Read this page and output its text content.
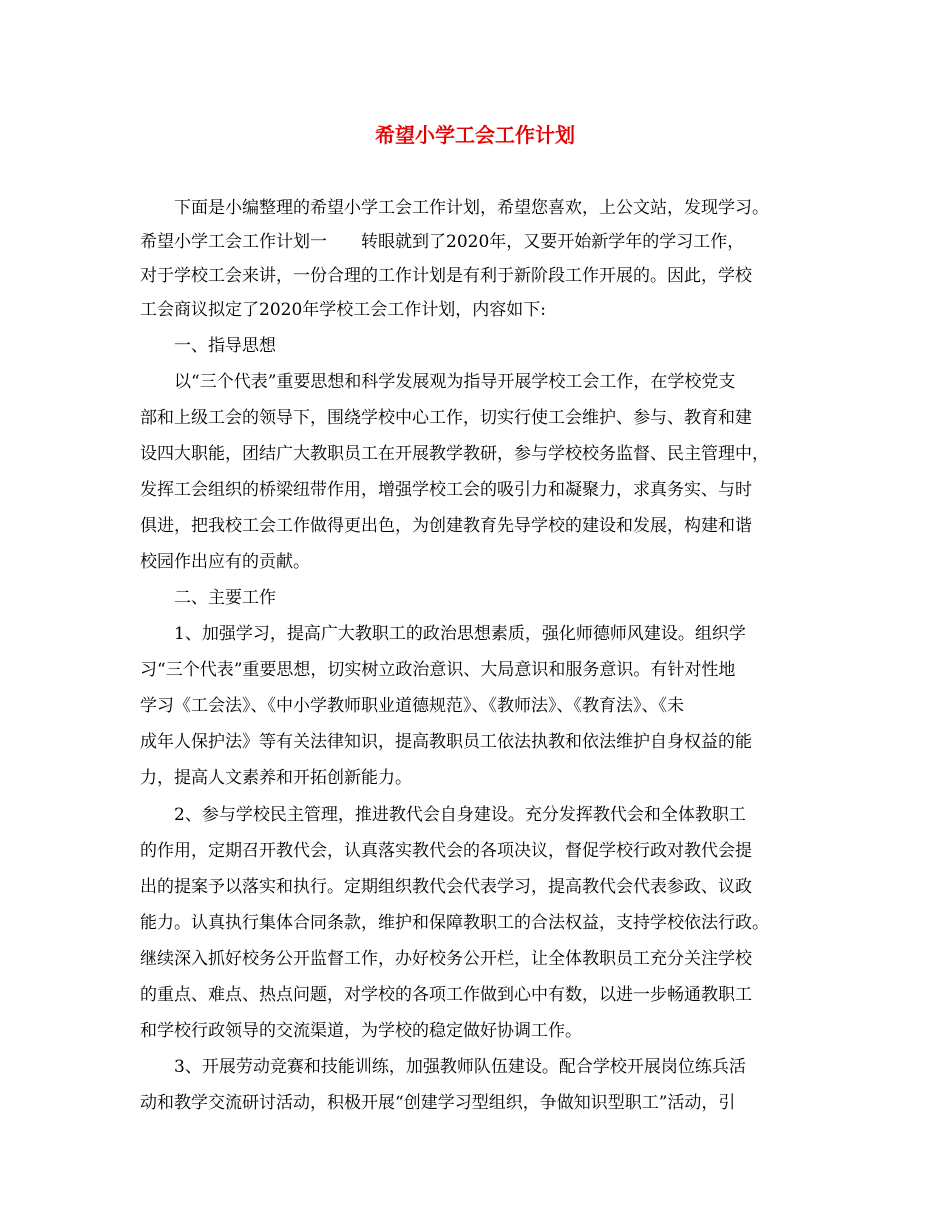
希望小学工会工作计划
下面是小编整理的希望小学工会工作计划，希望您喜欢，上公文站，发现学习。
希望小学工会工作计划一　　转眼就到了2020年，又要开始新学年的学习工作，
对于学校工会来讲，一份合理的工作计划是有利于新阶段工作开展的。因此，学校
工会商议拟定了2020年学校工会工作计划，内容如下:
一、指导思想
以“三个代表”重要思想和科学发展观为指导开展学校工会工作，在学校党支
部和上级工会的领导下，围绕学校中心工作，切实行使工会维护、参与、教育和建
设四大职能，团结广大教职员工在开展教学教研，参与学校校务监督、民主管理中，
发挥工会组织的桥梁纽带作用，增强学校工会的吸引力和凝聚力，求真务实、与时
俱进，把我校工会工作做得更出色，为创建教育先导学校的建设和发展，构建和谐
校园作出应有的贡献。
二、主要工作
1、加强学习，提高广大教职工的政治思想素质，强化师德师风建设。组织学
习“三个代表”重要思想，切实树立政治意识、大局意识和服务意识。有针对性地
学习《工会法》、《中小学教师职业道德规范》、《教师法》、《教育法》、《未
成年人保护法》等有关法律知识，提高教职员工依法执教和依法维护自身权益的能
力，提高人文素养和开拓创新能力。
2、参与学校民主管理，推进教代会自身建设。充分发挥教代会和全体教职工
的作用，定期召开教代会，认真落实教代会的各项决议，督促学校行政对教代会提
出的提案予以落实和执行。定期组织教代会代表学习，提高教代会代表参政、议政
能力。认真执行集体合同条款，维护和保障教职工的合法权益，支持学校依法行政。
继续深入抓好校务公开监督工作，办好校务公开栏，让全体教职员工充分关注学校
的重点、难点、热点问题，对学校的各项工作做到心中有数，以进一步畅通教职工
和学校行政领导的交流渠道，为学校的稳定做好协调工作。
3、开展劳动竞赛和技能训练，加强教师队伍建设。配合学校开展岗位练兵活
动和教学交流研讨活动，积极开展“创建学习型组织，争做知识型职工”活动，引
